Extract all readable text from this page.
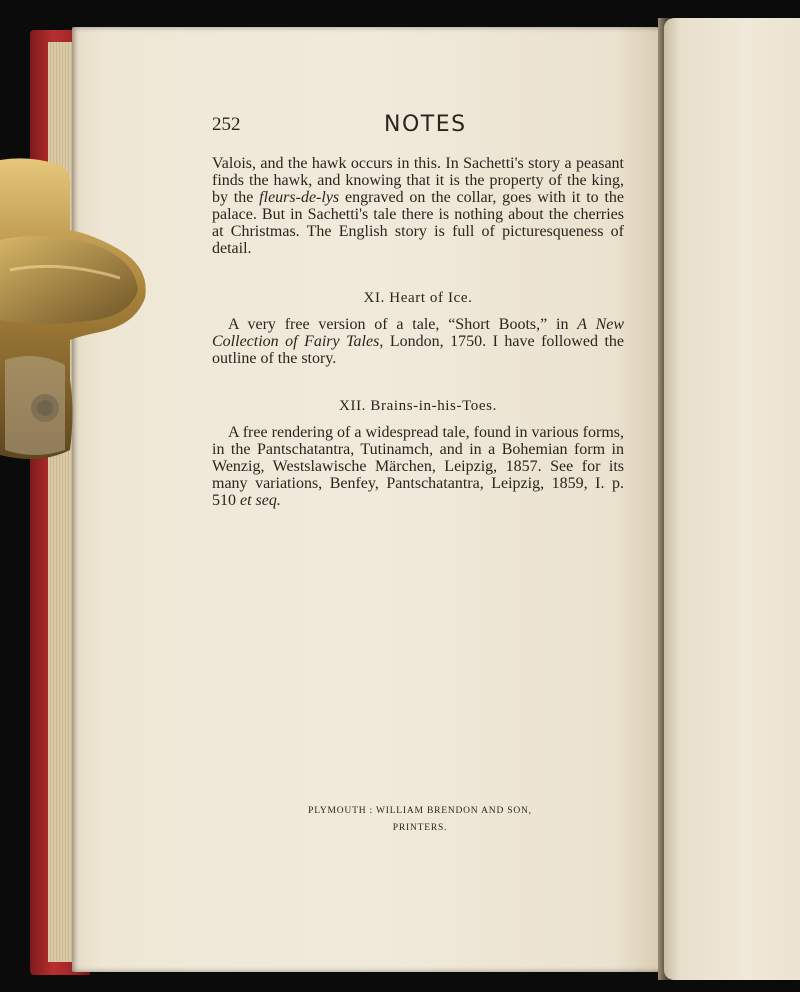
252	NOTES

Valois, and the hawk occurs in this. In Sachetti's story a peasant finds the hawk, and knowing that it is the property of the king, by the fleurs-de-lys engraved on the collar, goes with it to the palace. But in Sachetti's tale there is nothing about the cherries at Christmas. The English story is full of picturesqueness of detail.

XI. Heart of Ice.

A very free version of a tale, “Short Boots,” in A New Collection of Fairy Tales, London, 1750. I have followed the outline of the story.

XII. Brains-in-his-Toes.

A free rendering of a widespread tale, found in various forms, in the Pantschatantra, Tutinamch, and in a Bohemian form in Wenzig, Westslawische Märchen, Leipzig, 1857. See for its many variations, Benfey, Pantschatantra, Leipzig, 1859, I. p. 510 et seq.

PLYMOUTH : WILLIAM BRENDON AND SON,
PRINTERS.
